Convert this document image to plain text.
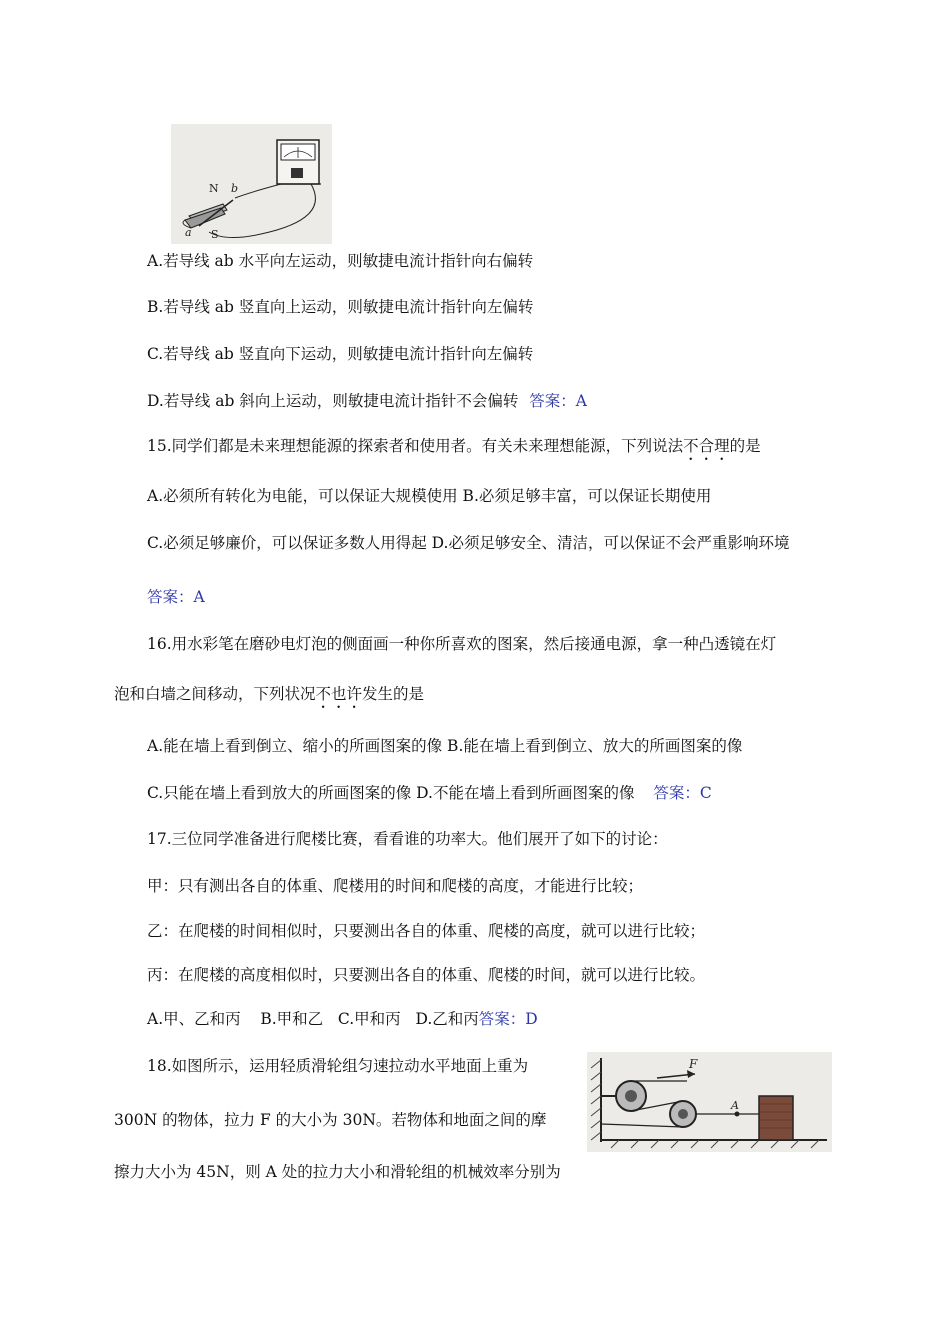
N b
a S
A.若导线 ab 水平向左运动，则敏捷电流计指针向右偏转
B.若导线 ab 竖直向上运动，则敏捷电流计指针向左偏转
C.若导线 ab 竖直向下运动，则敏捷电流计指针向左偏转
D.若导线 ab 斜向上运动，则敏捷电流计指针不会偏转 答案：A
15.同学们都是未来理想能源的探索者和使用者。有关未来理想能源，下列说法不合理的是
A.必须所有转化为电能，可以保证大规模使用 B.必须足够丰富，可以保证长期使用
C.必须足够廉价，可以保证多数人用得起 D.必须足够安全、清洁，可以保证不会严重影响环境
答案：A
16.用水彩笔在磨砂电灯泡的侧面画一种你所喜欢的图案，然后接通电源，拿一种凸透镜在灯
泡和白墙之间移动，下列状况不也许发生的是
A.能在墙上看到倒立、缩小的所画图案的像 B.能在墙上看到倒立、放大的所画图案的像
C.只能在墙上看到放大的所画图案的像 D.不能在墙上看到所画图案的像 答案：C
17.三位同学准备进行爬楼比赛，看看谁的功率大。他们展开了如下的讨论：
甲：只有测出各自的体重、爬楼用的时间和爬楼的高度，才能进行比较；
乙：在爬楼的时间相似时，只要测出各自的体重、爬楼的高度，就可以进行比较；
丙：在爬楼的高度相似时，只要测出各自的体重、爬楼的时间，就可以进行比较。
A.甲、乙和丙    B.甲和乙   C.甲和丙   D.乙和丙答案：D
18.如图所示，运用轻质滑轮组匀速拉动水平地面上重为
300N 的物体，拉力 F 的大小为 30N。若物体和地面之间的摩
擦力大小为 45N，则 A 处的拉力大小和滑轮组的机械效率分别为
F
A
